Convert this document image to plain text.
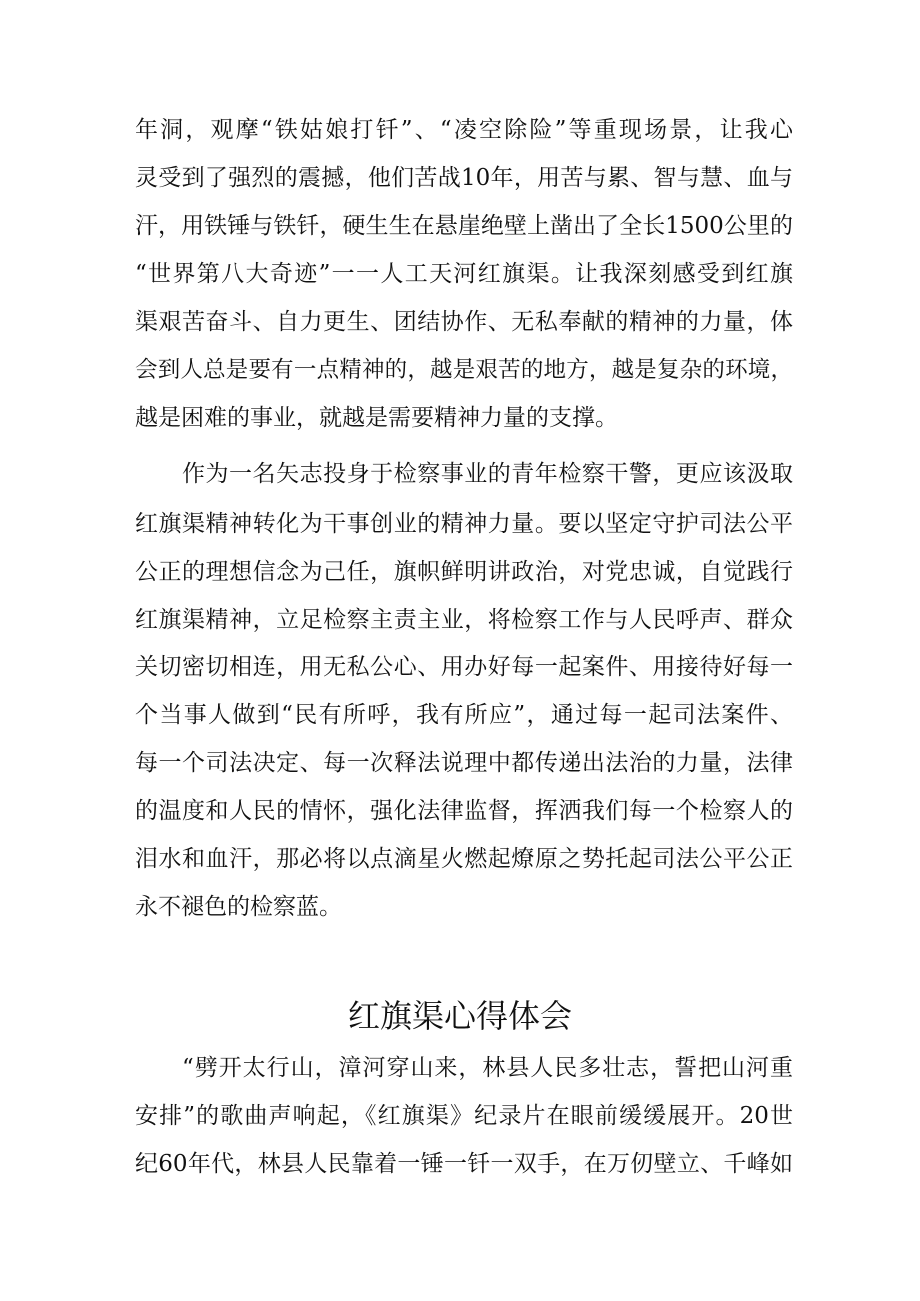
年洞，观摩“铁姑娘打钎”、“凌空除险”等重现场景，让我心
灵受到了强烈的震撼，他们苦战10年，用苦与累、智与慧、血与
汗，用铁锤与铁钎，硬生生在悬崖绝壁上凿出了全长1500公里的
“世界第八大奇迹”一一人工天河红旗渠。让我深刻感受到红旗
渠艰苦奋斗、自力更生、团结协作、无私奉献的精神的力量，体
会到人总是要有一点精神的，越是艰苦的地方，越是复杂的环境，
越是困难的事业，就越是需要精神力量的支撑。
作为一名矢志投身于检察事业的青年检察干警，更应该汲取
红旗渠精神转化为干事创业的精神力量。要以坚定守护司法公平
公正的理想信念为己任，旗帜鲜明讲政治，对党忠诚，自觉践行
红旗渠精神，立足检察主责主业，将检察工作与人民呼声、群众
关切密切相连，用无私公心、用办好每一起案件、用接待好每一
个当事人做到“民有所呼，我有所应”，通过每一起司法案件、
每一个司法决定、每一次释法说理中都传递出法治的力量，法律
的温度和人民的情怀，强化法律监督，挥洒我们每一个检察人的
泪水和血汗，那必将以点滴星火燃起燎原之势托起司法公平公正
永不褪色的检察蓝。
红旗渠心得体会
“劈开太行山，漳河穿山来，林县人民多壮志，誓把山河重
安排”的歌曲声响起，《红旗渠》纪录片在眼前缓缓展开。20世
纪60年代，林县人民靠着一锤一钎一双手，在万仞壁立、千峰如
